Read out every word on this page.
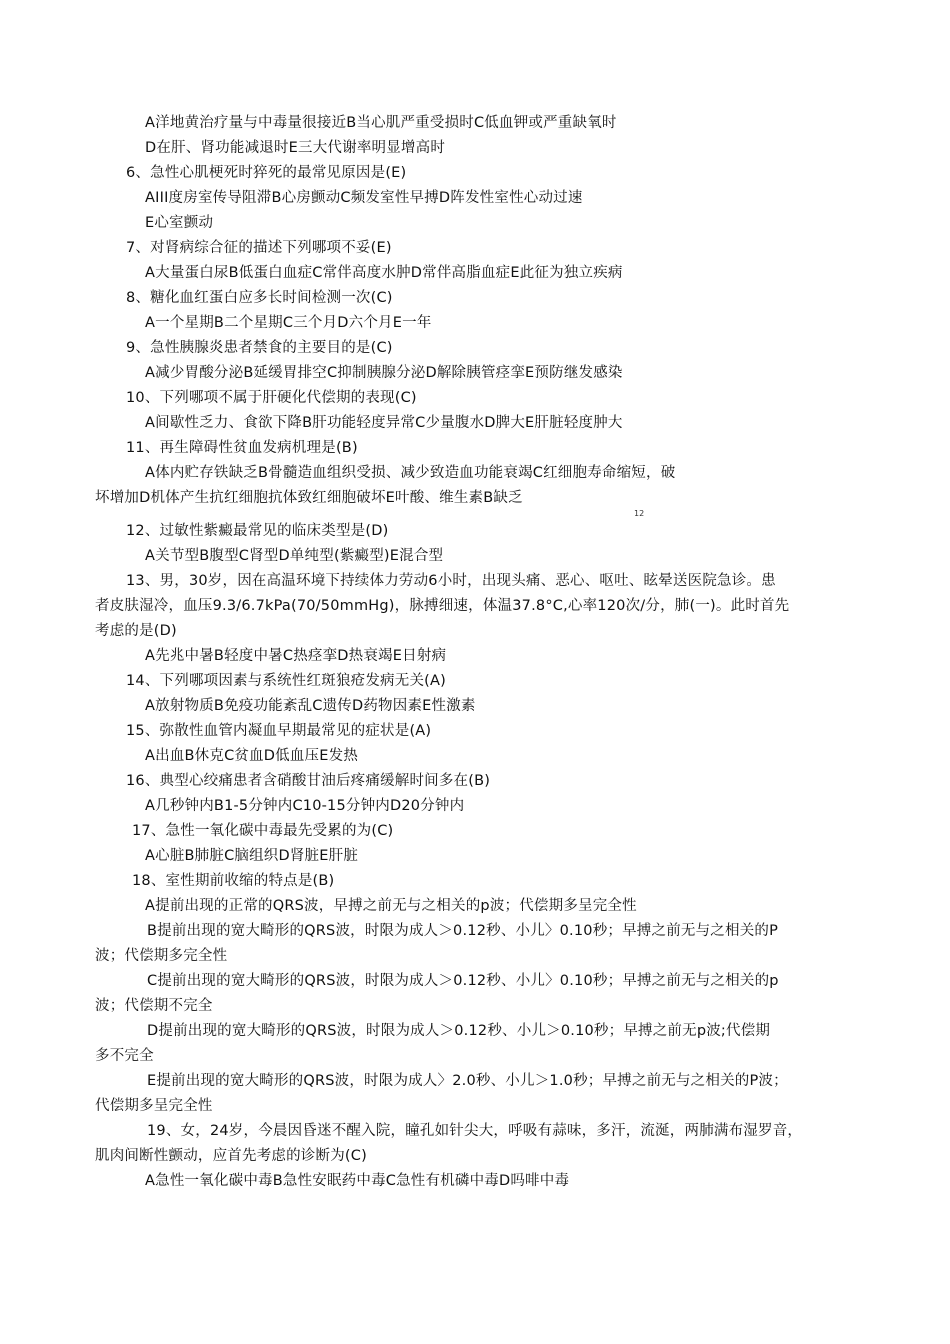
A洋地黄治疗量与中毒量很接近B当心肌严重受损时C低血钾或严重缺氧时
D在肝、肾功能减退时E三大代谢率明显增高时
6、急性心肌梗死时猝死的最常见原因是(E)
AIII度房室传导阻滞B心房颤动C频发室性早搏D阵发性室性心动过速
E心室颤动
7、对肾病综合征的描述下列哪项不妥(E)
A大量蛋白尿B低蛋白血症C常伴高度水肿D常伴高脂血症E此征为独立疾病
8、糖化血红蛋白应多长时间检测一次(C)
A一个星期B二个星期C三个月D六个月E一年
9、急性胰腺炎患者禁食的主要目的是(C)
A减少胃酸分泌B延缓胃排空C抑制胰腺分泌D解除胰管痉挛E预防继发感染
10、下列哪项不属于肝硬化代偿期的表现(C)
A间歇性乏力、食欲下降B肝功能轻度异常C少量腹水D脾大E肝脏轻度肿大
11、再生障碍性贫血发病机理是(B)
A体内贮存铁缺乏B骨髓造血组织受损、减少致造血功能衰竭C红细胞寿命缩短，破
坏增加D机体产生抗红细胞抗体致红细胞破坏E叶酸、维生素B缺乏
12
12、过敏性紫癜最常见的临床类型是(D)
A关节型B腹型C肾型D单纯型(紫癜型)E混合型
13、男，30岁，因在高温环境下持续体力劳动6小时，出现头痛、恶心、呕吐、眩晕送医院急诊。患
者皮肤湿冷，血压9.3/6.7kPa(70/50mmHg)，脉搏细速，体温37.8°C,心率120次/分，肺(一)。此时首先
考虑的是(D)
A先兆中暑B轻度中暑C热痉挛D热衰竭E日射病
14、下列哪项因素与系统性红斑狼疮发病无关(A)
A放射物质B免疫功能紊乱C遗传D药物因素E性激素
15、弥散性血管内凝血早期最常见的症状是(A)
A出血B休克C贫血D低血压E发热
16、典型心绞痛患者含硝酸甘油后疼痛缓解时间多在(B)
A几秒钟内B1-5分钟内C10-15分钟内D20分钟内
17、急性一氧化碳中毒最先受累的为(C)
A心脏B肺脏C脑组织D肾脏E肝脏
18、室性期前收缩的特点是(B)
A提前出现的正常的QRS波，早搏之前无与之相关的p波；代偿期多呈完全性
B提前出现的宽大畸形的QRS波，时限为成人＞0.12秒、小儿〉0.10秒；早搏之前无与之相关的P
波；代偿期多完全性
C提前出现的宽大畸形的QRS波，时限为成人＞0.12秒、小儿〉0.10秒；早搏之前无与之相关的p
波；代偿期不完全
D提前出现的宽大畸形的QRS波，时限为成人＞0.12秒、小儿＞0.10秒；早搏之前无p波;代偿期
多不完全
E提前出现的宽大畸形的QRS波，时限为成人〉2.0秒、小儿＞1.0秒；早搏之前无与之相关的P波；
代偿期多呈完全性
19、女，24岁，今晨因昏迷不醒入院，瞳孔如针尖大，呼吸有蒜味，多汗，流涎，两肺满布湿罗音，
肌肉间断性颤动，应首先考虑的诊断为(C)
A急性一氧化碳中毒B急性安眠药中毒C急性有机磷中毒D吗啡中毒
